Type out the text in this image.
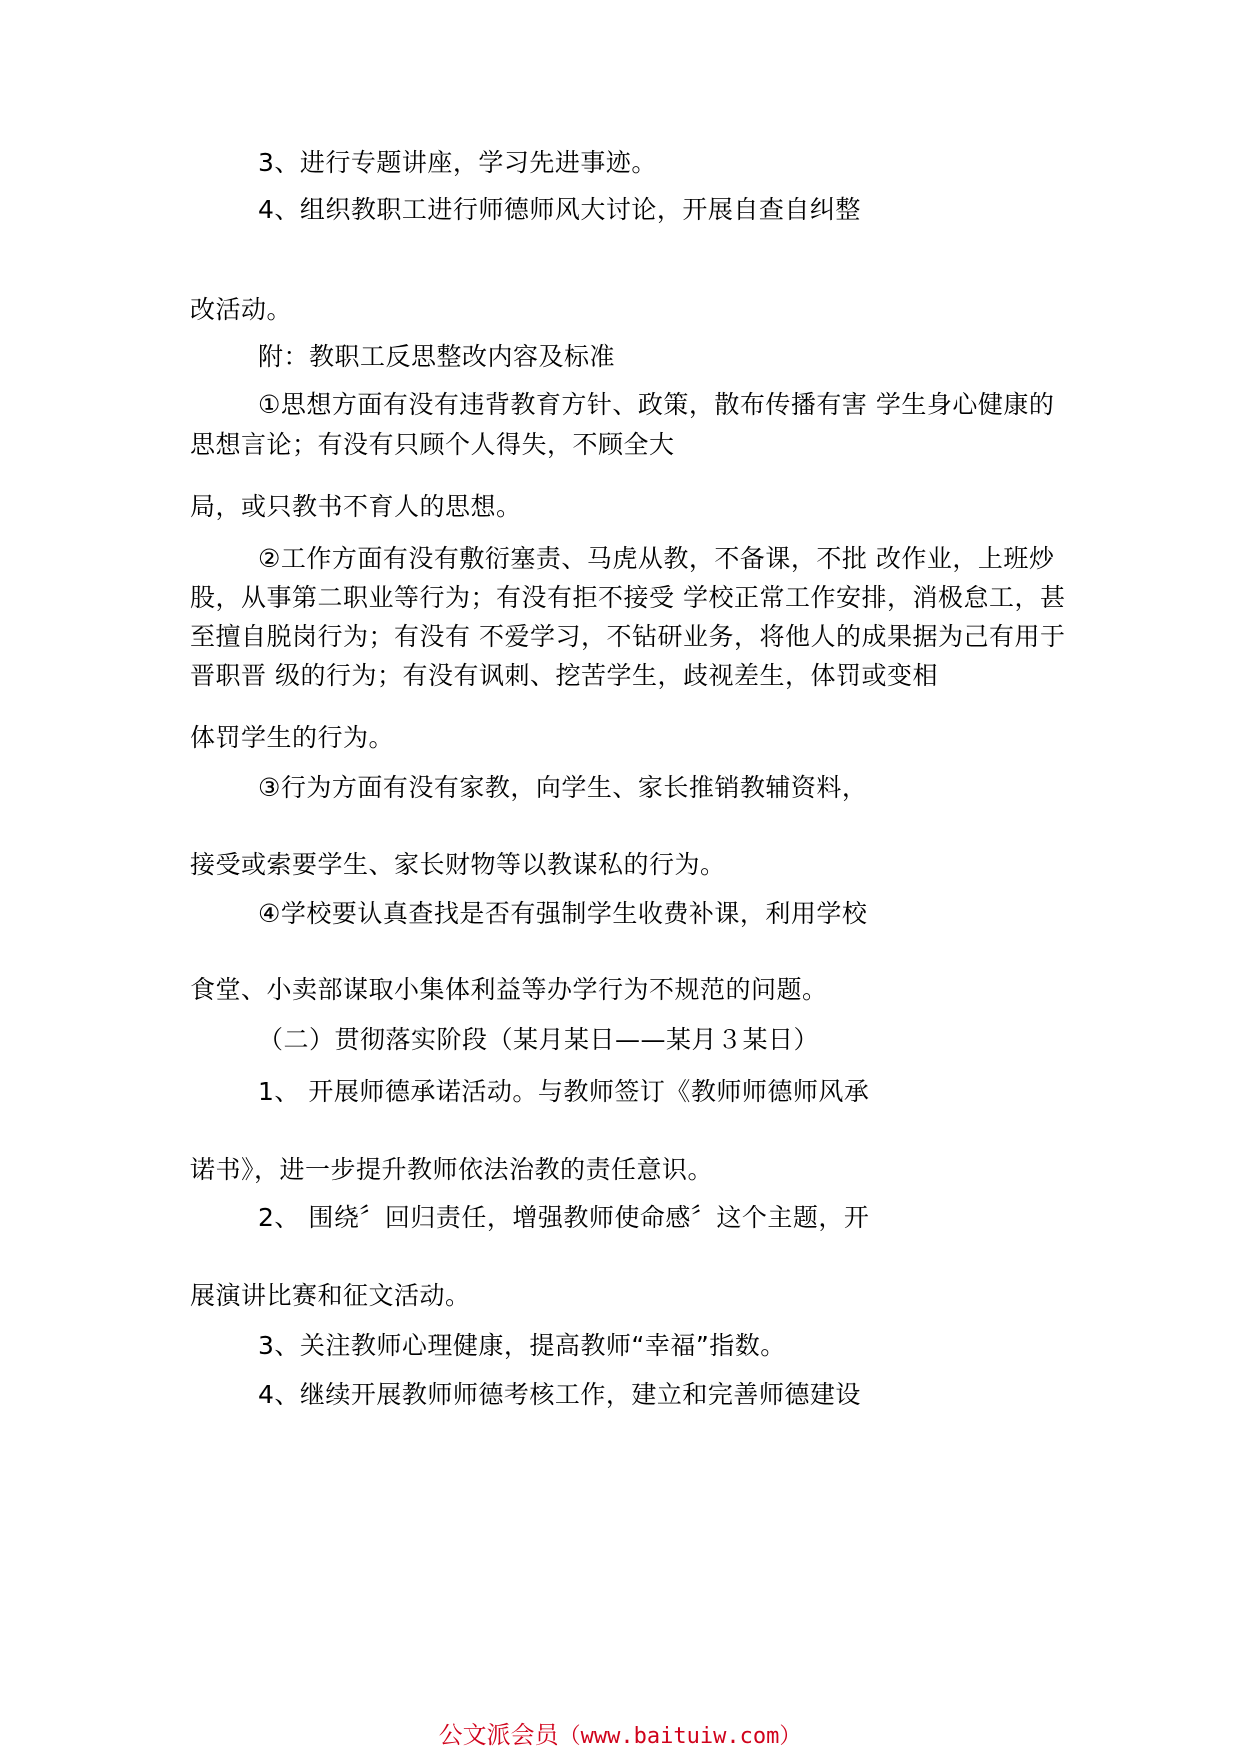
3、进行专题讲座，学习先进事迹。
4、组织教职工进行师德师风大讨论，开展自查自纠整
改活动。
附：教职工反思整改内容及标准
①思想方面有没有违背教育方针、政策，散布传播有害 学生身心健康的
思想言论；有没有只顾个人得失，不顾全大
局，或只教书不育人的思想。
②工作方面有没有敷衍塞责、马虎从教，不备课，不批 改作业，上班炒
股，从事第二职业等行为；有没有拒不接受 学校正常工作安排，消极怠工，甚
至擅自脱岗行为；有没有 不爱学习，不钻研业务，将他人的成果据为己有用于
晋职晋 级的行为；有没有讽刺、挖苦学生，歧视差生，体罚或变相
体罚学生的行为。
③行为方面有没有家教，向学生、家长推销教辅资料，
接受或索要学生、家长财物等以教谋私的行为。
④学校要认真查找是否有强制学生收费补课，利用学校
食堂、小卖部谋取小集体利益等办学行为不规范的问题。
（二）贯彻落实阶段（某月某日——某月３某日）
1、 开展师德承诺活动。与教师签订《教师师德师风承
诺书》，进一步提升教师依法治教的责任意识。
2、 围绕〞回归责任，增强教师使命感〞这个主题，开
展演讲比赛和征文活动。
3、关注教师心理健康，提高教师“幸福”指数。
4、继续开展教师师德考核工作，建立和完善师德建设
公文派会员（www.baituiw.com）
